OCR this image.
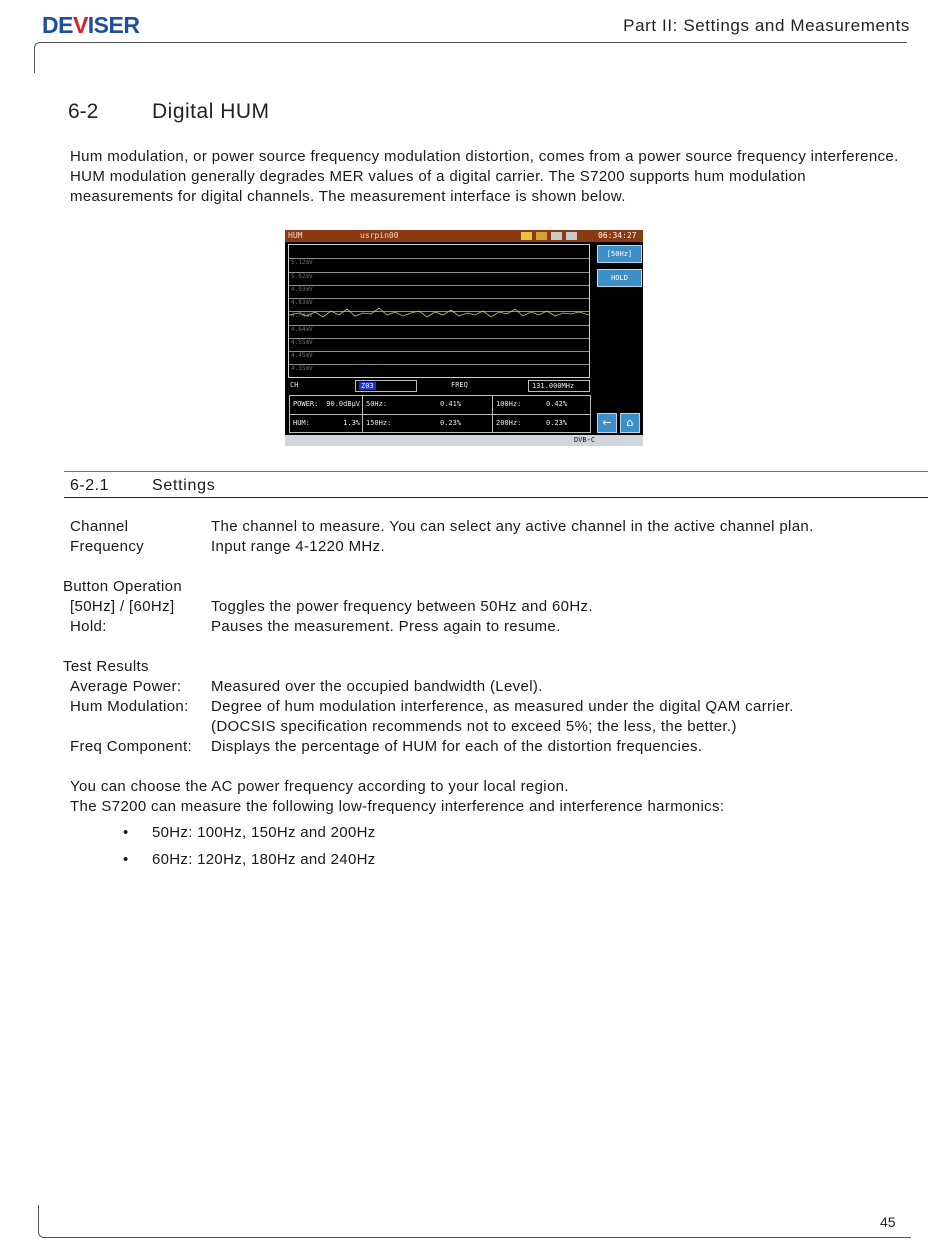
DEVISER	Part II: Settings and Measurements
6-2	Digital HUM
Hum modulation, or power source frequency modulation distortion, comes from a power source frequency interference. HUM modulation generally degrades MER values of a digital carrier. The S7200 supports hum modulation measurements for digital channels. The measurement interface is shown below.
HUM	usrpin00	06:34:27
5.12mV
5.02mV
4.93mV
4.83mV
4.74mV
4.64mV
4.55mV
4.45mV
4.35mV
[50Hz]
HOLD
CH	Z03	FREQ	131.000MHz
POWER:	90.0dBμV 50Hz:	0.41%	100Hz:	0.42%
HUM:	1.3% 150Hz:	0.23%	200Hz:	0.23%	←	⌂
DVB-C
6-2.1	Settings
Channel	The channel to measure. You can select any active channel in the active channel plan.
Frequency	Input range 4-1220 MHz.
Button Operation
[50Hz] / [60Hz] Toggles the power frequency between 50Hz and 60Hz.
Hold:	Pauses the measurement. Press again to resume.
Test Results
Average Power: Measured over the occupied bandwidth (Level).
Hum Modulation: Degree of hum modulation interference, as measured under the digital QAM carrier.
(DOCSIS specification recommends not to exceed 5%; the less, the better.)
Freq Component: Displays the percentage of HUM for each of the distortion frequencies.
You can choose the AC power frequency according to your local region.
The S7200 can measure the following low-frequency interference and interference harmonics:
• 50Hz: 100Hz, 150Hz and 200Hz
• 60Hz: 120Hz, 180Hz and 240Hz
45
